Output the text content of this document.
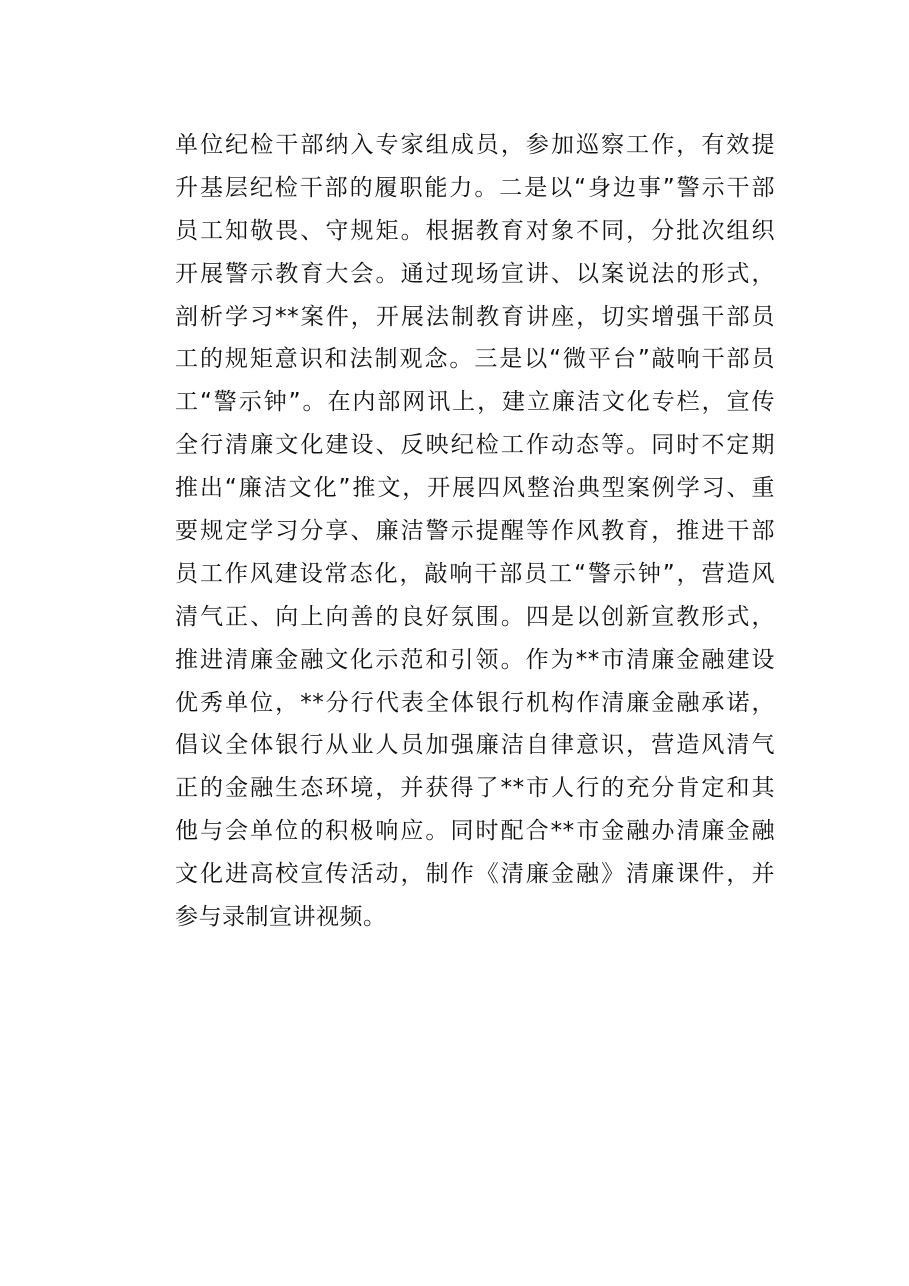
单位纪检干部纳入专家组成员，参加巡察工作，有效提
升基层纪检干部的履职能力。二是以“身边事”警示干部
员工知敬畏、守规矩。根据教育对象不同，分批次组织
开展警示教育大会。通过现场宣讲、以案说法的形式，
剖析学习**案件，开展法制教育讲座，切实增强干部员
工的规矩意识和法制观念。三是以“微平台”敲响干部员
工“警示钟”。在内部网讯上，建立廉洁文化专栏，宣传
全行清廉文化建设、反映纪检工作动态等。同时不定期
推出“廉洁文化”推文，开展四风整治典型案例学习、重
要规定学习分享、廉洁警示提醒等作风教育，推进干部
员工作风建设常态化，敲响干部员工“警示钟”，营造风
清气正、向上向善的良好氛围。四是以创新宣教形式，
推进清廉金融文化示范和引领。作为**市清廉金融建设
优秀单位，**分行代表全体银行机构作清廉金融承诺，
倡议全体银行从业人员加强廉洁自律意识，营造风清气
正的金融生态环境，并获得了**市人行的充分肯定和其
他与会单位的积极响应。同时配合**市金融办清廉金融
文化进高校宣传活动，制作《清廉金融》清廉课件，并
参与录制宣讲视频。
